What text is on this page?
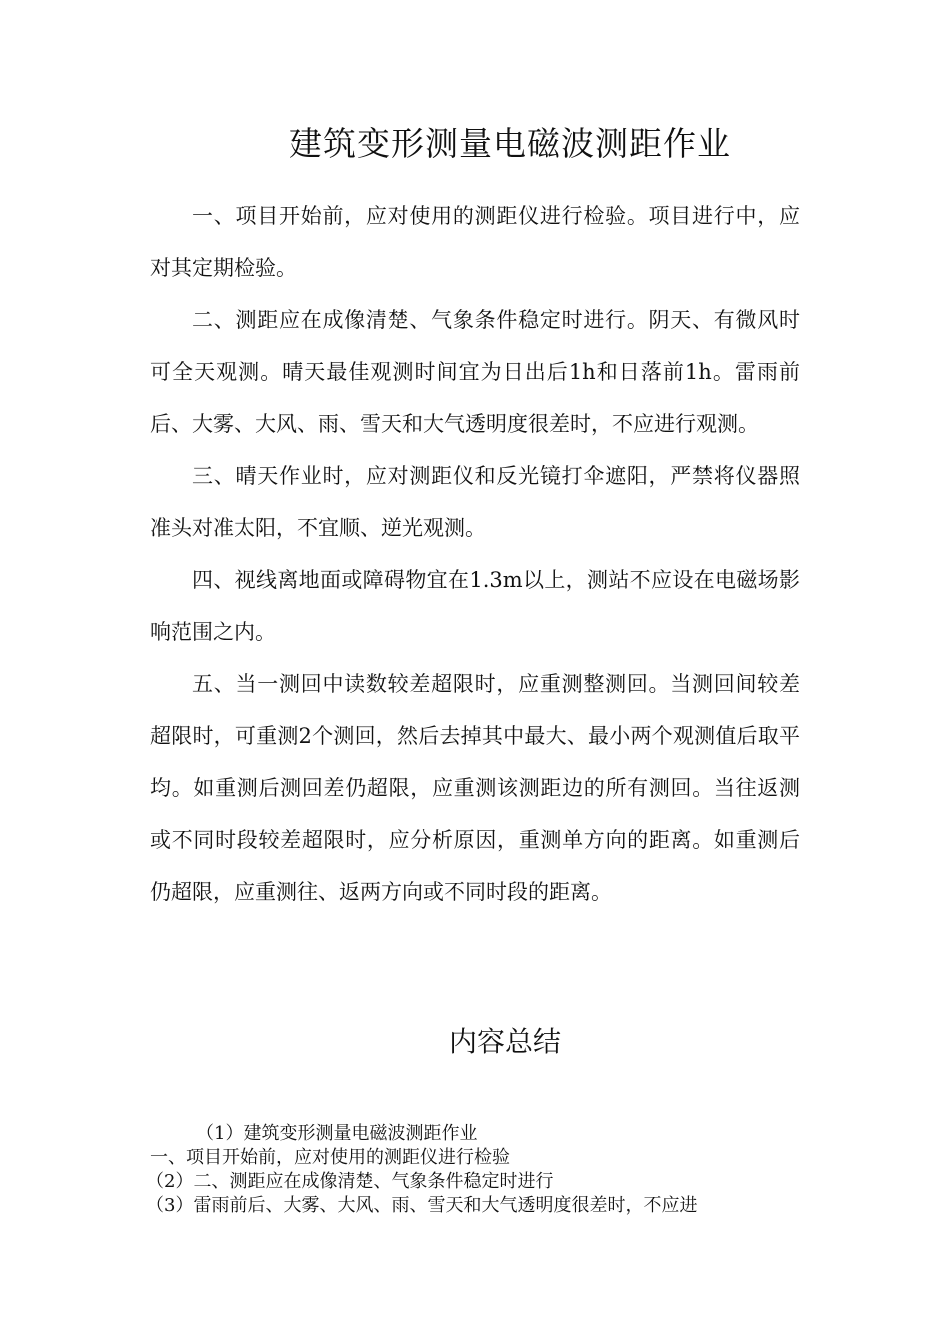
建筑变形测量电磁波测距作业

一、项目开始前，应对使用的测距仪进行检验。项目进行中，应对其定期检验。

二、测距应在成像清楚、气象条件稳定时进行。阴天、有微风时可全天观测。晴天最佳观测时间宜为日出后1h和日落前1h。雷雨前后、大雾、大风、雨、雪天和大气透明度很差时，不应进行观测。

三、晴天作业时，应对测距仪和反光镜打伞遮阳，严禁将仪器照准头对准太阳，不宜顺、逆光观测。

四、视线离地面或障碍物宜在1.3m以上，测站不应设在电磁场影响范围之内。

五、当一测回中读数较差超限时，应重测整测回。当测回间较差超限时，可重测2个测回，然后去掉其中最大、最小两个观测值后取平均。如重测后测回差仍超限，应重测该测距边的所有测回。当往返测或不同时段较差超限时，应分析原因，重测单方向的距离。如重测后仍超限，应重测往、返两方向或不同时段的距离。

内容总结

（1）建筑变形测量电磁波测距作业

一、项目开始前，应对使用的测距仪进行检验

（2）二、测距应在成像清楚、气象条件稳定时进行

（3）雷雨前后、大雾、大风、雨、雪天和大气透明度很差时，不应进
